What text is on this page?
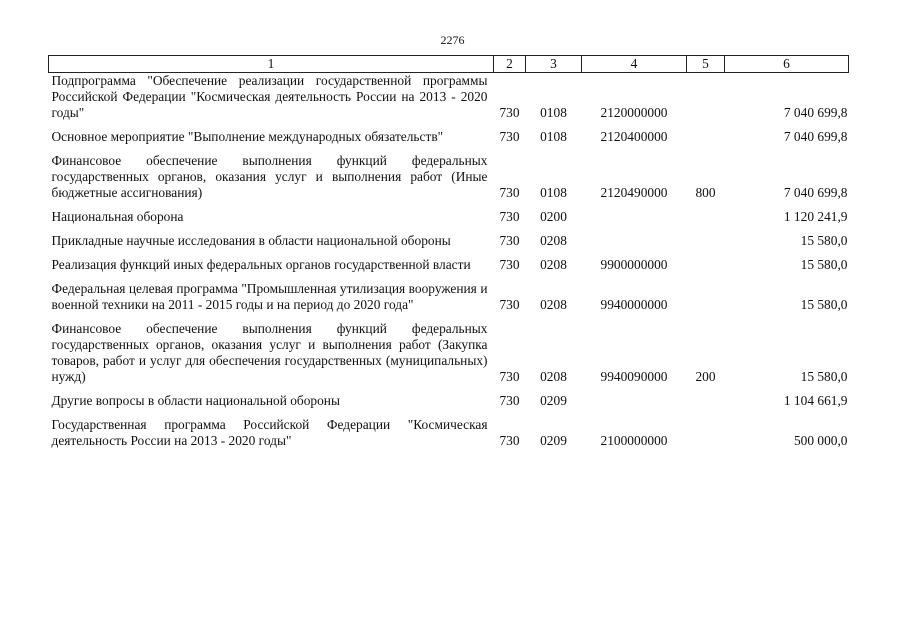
2276
1	2	3	4	5	6
Подпрограмма "Обеспечение реализации государственной программы Российской Федерации "Космическая деятельность России на 2013 - 2020 годы"	730	0108	2120000000		7 040 699,8

Основное мероприятие "Выполнение международных обязательств"	730	0108	2120400000		7 040 699,8

Финансовое обеспечение выполнения функций федеральных государственных органов, оказания услуг и выполнения работ (Иные бюджетные ассигнования)	730	0108	2120490000	800	7 040 699,8

Национальная оборона	730	0200			1 120 241,9

Прикладные научные исследования в области национальной обороны	730	0208			15 580,0

Реализация функций иных федеральных органов государственной власти	730	0208	9900000000		15 580,0

Федеральная целевая программа "Промышленная утилизация вооружения и военной техники на 2011 - 2015 годы и на период до 2020 года"	730	0208	9940000000		15 580,0

Финансовое обеспечение выполнения функций федеральных государственных органов, оказания услуг и выполнения работ (Закупка товаров, работ и услуг для обеспечения государственных (муниципальных) нужд)	730	0208	9940090000	200	15 580,0

Другие вопросы в области национальной обороны	730	0209			1 104 661,9

Государственная программа Российской Федерации "Космическая деятельность России на 2013 - 2020 годы"	730	0209	2100000000		500 000,0
